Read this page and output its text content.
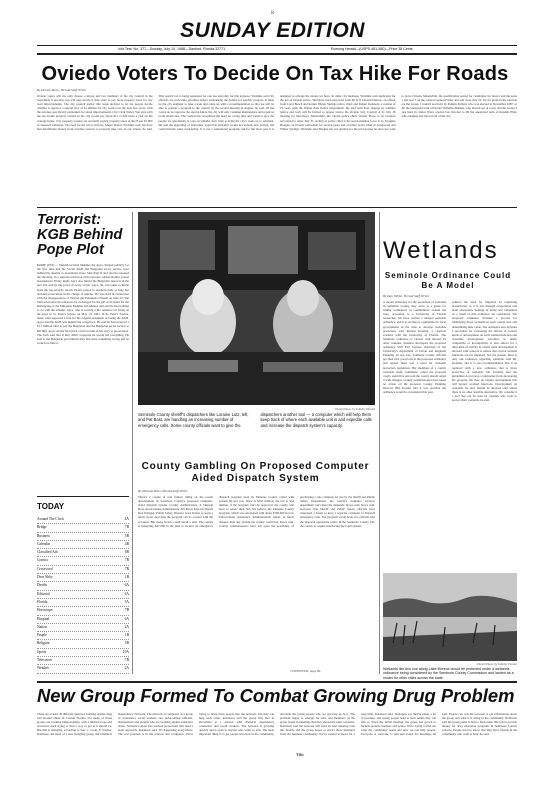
8
SUNDAY EDITION
Volt Test: No. 377—Sunday, July 10, 1988—Sanford, Florida 32771	Evening Herald—(USPS 481-580)—Price 35 Cents
Oviedo Voters To Decide On Tax Hike For Roads
By Dennis Burns, Herald Staff Writer
Oviedo voters will not only choose a mayor and two members of the city council in the September 6 election, but will also decide if they want to pay more property taxes for city road improvements. The city council earlier this week decided to let the people decide whether to approve a special levy of $1 million for city roads over the next five years, with the revenue specifically earmarked for street improvements. City Clerk Nancy Yon says with the tax breaks property owners in the city would pay about $15 to $20 more a year on the average home. City property owners are currently paying property taxes of $4.25 per $1,000 of assessed valuation. The need for the tax is obvious, Mayor Robert Wickline said. We have had insufficient money from revenue sources to properly take care of our streets, he said. This special tax is being requested for one use and only for this purpose. Wickline said city officials are reviewing priorities before earmarking the dollars for specific projects. It must be the city engineer to take a look and come up with a recommendation so that we will be able to present a program to the council by the second meeting in August, he said. Of the voters do not approve the special funds, the city will only continue maintenance and repair as roads deteriorate. The council has recognized the need for a long time and wants to give the people an opportunity to vote on whether they want to bring the city's roads up to standard. He said the upgrading of sidewalks, approved, probably would not include new paving, but could include some resurfacing. It is not a sensational program, but for the most part it is designed to salvage the streets we have. In other city business, Wickline said applicants for the job of Oviedo police chief have been narrowed from 90 to 8. Donald Dubose, an officer from Coral Beach and former Winter Springs police chief, and Robert Kennedy, a veteran of 19 years with the Winter Park Police Department. He said both have degrees in criminal justice and both will be invited to appear before the Oviedo City Council at its July 18 meeting for interviews. Meanwhile, the current police chief, Wesley Place, is on vacation and slated to retire July 31. Acting as police chief is the seven-member force is Lt. Douglas Hoague, an Oviedo policeman for several years and a former police chief in Longwood and Winter Springs. Wickline said Hoague has not applied for the job because he does not want to leave Oviedo. Meanwhile, the qualification period for candidates for mayor and the seats 1 and seat 3 on the council opened Friday and will close July 22. Up for grabs in the election are the Group 1 council seat held by Pamela Pollard, who was elected in November 1987, to fill the unexpired term of Donna Williams-Holmes, who moved out of town, and the Group 3 seat held by Janice Ward, elected last October to fill the unexpired term of Randall Hyle, who resigned and moved out of the city.
Terrorist: KGB Behind Pope Plot
ROME (UPI) — Turkish terrorist Mehmet Ali Agca charged publicly for the first time that the Soviet KGB and Bulgarian secret service were behind his attempt to assassinate Pope John Paul II and said he repeated the shooting. In a surprise retraction with reporters outside Rome's prison headquarters Friday night, Agca also hinted the Bulgarian suspects in the plot and said he has proof of every action. Agca, 30, was taken to Rome from the top-security Ascoli Piceno prison in northern Italy as Italy has decided prosecution in the charge of murder. He was held in connection with the disappearance of Vatican girl Emanuela Orlandi on June 22. The Turk told police he refused to be exchanged for the girl or in return for the kidnapping of the Ethiopian Mehmet Ali Ahmed, and said he had nothing to do with the attempt. Agca, who is serving a life sentence for firing on the pope in St. Peter's Square on May 13, 1981, in St. Peter's Square, made what appeared a trial for his original statement accusing the KGB. Agca said the KGB was behind the conspiracy. He said he had received a $1.7 million offer to pay the Bulgarian and the Bulgarian secret service to kill him. Agca said he had given a full account of his story to prosecutors. The Turk said that if they didn't cooperate he would tell everything. He said to the Bulgarian government they had done something wrong and he would not hide it.
Herald Photo by Tommy Vincent
Seminole County sheriff's dispatchers like Loraine Lutz, left, and Pat Bast, are handling an increasing number of emergency calls. Some county officials want to give the dispatchers another tool — a computer which will help them keep track of where each available unit is and expedite calls and increase the dispatch system's capacity.
County Gambling On Proposed Computer Aided Dispatch System
By Michael Behn, Herald Staff Writer
There's a couple of real futures riding on the recent development of Seminole County's proposed computer-aided dispatch system. County Administrator T. Duncan Rose and Assistant Administrator Jim Rowe have hit Sheriff Don Eslinger, Public Safety Director Gary Kaiser to work a much closer deal than the program can be created with the accounts. But many factors could derail a deal. The county is budgeting $67,000 in the plan to receive an emergency dispatch program used by Manatee County called with system 39 and cost. Once at $395 million, the bid to $54 million, if the program can't be approved, the county will have to renew their bid. We believe the Manatee County program, which was developed with about $700,000 in Law Enforcement Assistance Administration funds, is much cheaper than any system the county could buy, Rowe said. County commissioners have left open the possibility of purchasing a sole computer for use by the sheriff and Public Safety Department, the county's computer services department can't meet the demands. Rowe said. Rowe said, however, that Sheriff and Public Safety officials have expressed a desire to keep a separate computer to dispatch emergency calls. The program would hook two officials into the dispatch operations center in the Seminole County Jail, the county to require interfacing the CAD system.
CONTINUED: page 8A
Wetlands
Seminole Ordinance Could Be A Model
By Dan Wilder, Herald Staff Writer
A model ordinance for the protection of wetlands in Seminole County may serve as a guide for similar ordinances in communities around the state, according to a University of Florida researcher. We have written a merged wetlands ordinance, and it is serving as a guideline for local governments in the state to develop wetlands protection, said Ronald Kondrat, a research scientist with the University of Florida. The Seminole ordinance is viewed with interest by other counties. Kondrat developed the proposed ordinance with Earl Starnes, chairman of the University's department of Urban and Regional Planning. In one way, Seminole County officials got their first good look at the proposed ordinance and agreed there was a need for wetlands protection legislation. But members of a county wetlands study committee called the proposal overly restrictive and said the county should adopt it with changes. County commissioners have taken no action on the proposal. County Planning Director Bill Kozaki said it was possible the ordinance would be considered this year.
achieve the need for litigation by regulating groundwater as it is lost through evaporation and plant absorption. Settings in farms and consumers as a result of this ordinance are considered. The proposed ordinance includes a process for identifying those wetlands in each county area and determining their value. The ordinance also includes a procedure for evaluating the effects of various kinds of development on each wetland function and classifies development activities as either compatible or incompatible. It also allows for a third kind of activity in which some development is allowed with controls to ensure that critical wetland functions are not impaired. Not the present, there is only one ordinance regarding wetlands, said Mr. Kondrat, and it is our recommendation that it be replaced with a new ordinance that is more protective of wetlands. Mr. Kondrat said the guidelines do not stop a landowner from developing his property, but they do require development that will protect wetland functions. Development on wetlands, he said, should be allowed only where there is no other feasible alternative. We consider it a tool that can be used by counties who want to protect their wetlands, he said.
Herald Photo by Tommy Vincent
Wetlands like this one along Lake Monroe would be protected under a wetlands ordinance being considered by the Seminole County Commission and lauded as a model for other cities across the state.
TODAY
Around The Clock	4A
Bridge	7B
Business	5B
Calendar	4B
Classified Ads	8B
Comics	7B
Crossword	7B
Dear Abby	1B
Deaths	6A
Editorial	4A
Florida	3A
Horoscope	7B
Hospital	6A
Nation	2A
People	1B
Religion	5B
Sports	10A
Television	7B
Weather	2A
New Group Formed To Combat Growing Drug Problem
There are at least 30 different agencies working against drug and alcohol abuse in Central Florida, but many of those groups are working independently, with a limited scope and resources, each trying to find a way to get at it should be. But that is changing, according to Sen. C. Cook, E. Stryker. Robinson, the head of a new fledgling group, the Chemical Dependency Network. The network is composed of a group of counselors, social workers, law enforcement officials, businessmen and parents who are working against substance abuse. Substance abuse has reached proportions that need a team approach, Robinson said. It's happening everywhere. The real problem is in the schools and workplace. We're trying to bring more people into the network, and they can help each other. Robinson said the group first met in December at a session with chemical dependency counselors and youth workers. The network is growing quickly and is open to anyone who wants to join. The most important thing is to get people involved in the community, and help the young people who are growing up in it. The problem began to emerge, he said, and members of the group found in meetings that they shared the same concerns. Robinson said the network will hold its next meeting later this month, and the group hopes to attract more members from the business community. We've wanted to move for a long time, Robinson said. Teenagers say they're under a lot of pressure, and young people need to have adults they can talk to. Since the initial meeting, the group has grown to include parents, teachers and police. We're trying to find out what the community needs and how we can help people. Everyone is welcome to join and attend the meetings, he said. People can call the network to get information about the group and what it is doing in the community. Robinson said the group plans to hold a fund-raiser this fall to provide money for drug education programs in Seminole County schools. People need to know that they have friends in the community who want to help, he said.
TGI:
